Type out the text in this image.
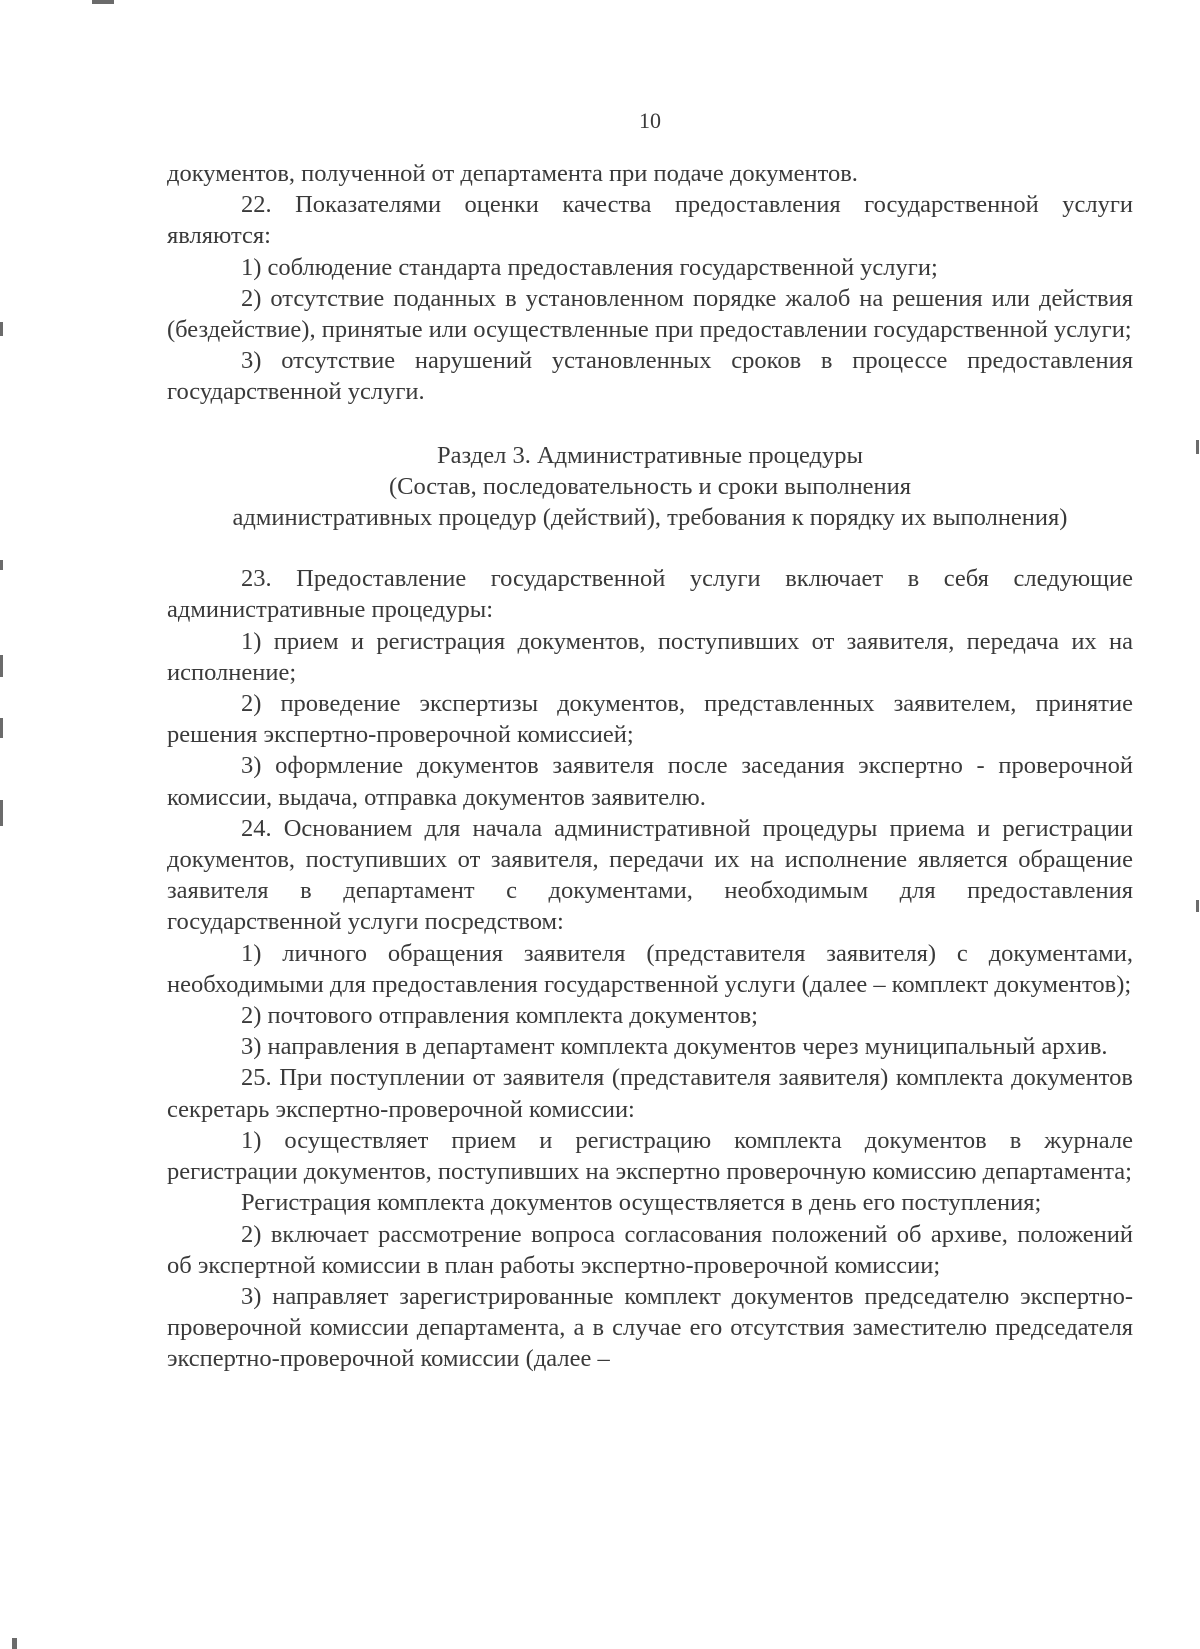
10

документов, полученной от департамента при подаче документов.

22. Показателями оценки качества предоставления государственной услуги являются:

1) соблюдение стандарта предоставления государственной услуги;

2) отсутствие поданных в установленном порядке жалоб на решения или действия (бездействие), принятые или осуществленные при предоставлении государственной услуги;

3) отсутствие нарушений установленных сроков в процессе предоставления государственной услуги.

Раздел 3. Административные процедуры
(Состав, последовательность и сроки выполнения
административных процедур (действий), требования к порядку их выполнения)

23. Предоставление государственной услуги включает в себя следующие административные процедуры:

1) прием и регистрация документов, поступивших от заявителя, передача их на исполнение;

2) проведение экспертизы документов, представленных заявителем, принятие решения экспертно-проверочной комиссией;

3) оформление документов заявителя после заседания экспертно - проверочной комиссии, выдача, отправка документов заявителю.

24. Основанием для начала административной процедуры приема и регистрации документов, поступивших от заявителя, передачи их на исполнение является обращение заявителя в департамент с документами, необходимым для предоставления государственной услуги посредством:

1) личного обращения заявителя (представителя заявителя) с документами, необходимыми для предоставления государственной услуги (далее – комплект документов);

2) почтового отправления комплекта документов;

3) направления в департамент комплекта документов через муниципальный архив.

25. При поступлении от заявителя (представителя заявителя) комплекта документов секретарь экспертно-проверочной комиссии:

1) осуществляет прием и регистрацию комплекта документов в журнале регистрации документов, поступивших на экспертно проверочную комиссию департамента;

Регистрация комплекта документов осуществляется в день его поступления;

2) включает рассмотрение вопроса согласования положений об архиве, положений об экспертной комиссии в план работы экспертно-проверочной комиссии;

3) направляет зарегистрированные комплект документов председателю экспертно-проверочной комиссии департамента, а в случае его отсутствия заместителю председателя экспертно-проверочной комиссии (далее –
